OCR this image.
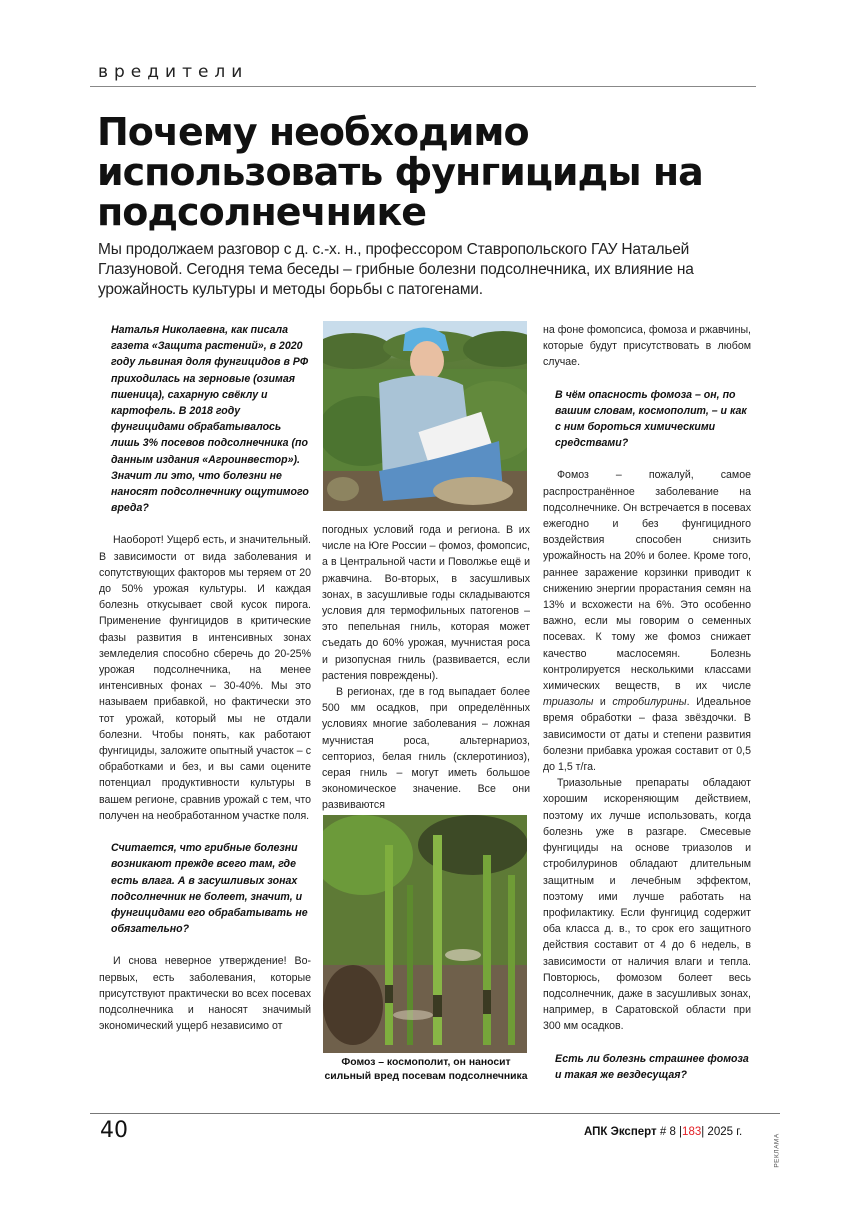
вредители
Почему необходимо использовать фунгициды на подсолнечнике

Мы продолжаем разговор с д. с.-х. н., профессором Ставропольского ГАУ Натальей Глазуновой. Сегодня тема беседы – грибные болезни подсолнечника, их влияние на урожайность культуры и методы борьбы с патогенами.

Наталья Николаевна, как писала газета «Защита растений», в 2020 году львиная доля фунгицидов в РФ приходилась на зерновые (озимая пшеница), сахарную свёклу и картофель. В 2018 году фунгицидами обрабатывалось лишь 3% посевов подсолнечника (по данным издания «Агроинвестор»). Значит ли это, что болезни не наносят подсолнечнику ощутимого вреда?

Наоборот! Ущерб есть, и значительный. В зависимости от вида заболевания и сопутствующих факторов мы теряем от 20 до 50% урожая культуры. И каждая болезнь откусывает свой кусок пирога. Применение фунгицидов в критические фазы развития в интенсивных зонах земледелия способно сберечь до 20-25% урожая подсолнечника, на менее интенсивных фонах – 30-40%. Мы это называем прибавкой, но фактически это тот урожай, который мы не отдали болезни. Чтобы понять, как работают фунгициды, заложите опытный участок – с обработками и без, и вы сами оцените потенциал продуктивности культуры в вашем регионе, сравнив урожай с тем, что получен на необработанном участке поля.

Считается, что грибные болезни возникают прежде всего там, где есть влага. А в засушливых зонах подсолнечник не болеет, значит, и фунгицидами его обрабатывать не обязательно?

И снова неверное утверждение! Во-первых, есть заболевания, которые присутствуют практически во всех посевах подсолнечника и наносят значимый экономический ущерб независимо от

погодных условий года и региона. В их числе на Юге России – фомоз, фомопсис, а в Центральной части и Поволжье ещё и ржавчина. Во-вторых, в засушливых зонах, в засушливые годы складываются условия для термофильных патогенов – это пепельная гниль, которая может съедать до 60% урожая, мучнистая роса и ризопусная гниль (развивается, если растения повреждены).

В регионах, где в год выпадает более 500 мм осадков, при определённых условиях многие заболевания – ложная мучнистая роса, альтернариоз, септориоз, белая гниль (склеротиниоз), серая гниль – могут иметь большое экономическое значение. Все они развиваются

Фомоз – космополит, он наносит сильный вред посевам подсолнечника

на фоне фомопсиса, фомоза и ржавчины, которые будут присутствовать в любом случае.

В чём опасность фомоза – он, по вашим словам, космополит, – и как с ним бороться химическими средствами?

Фомоз – пожалуй, самое распространённое заболевание на подсолнечнике. Он встречается в посевах ежегодно и без фунгицидного воздействия способен снизить урожайность на 20% и более. Кроме того, раннее заражение корзинки приводит к снижению энергии прорастания семян на 13% и всхожести на 6%. Это особенно важно, если мы говорим о семенных посевах. К тому же фомоз снижает качество маслосемян. Болезнь контролируется несколькими классами химических веществ, в их числе триазолы и стробилурины. Идеальное время обработки – фаза звёздочки. В зависимости от даты и степени развития болезни прибавка урожая составит от 0,5 до 1,5 т/га.

Триазольные препараты обладают хорошим искореняющим действием, поэтому их лучше использовать, когда болезнь уже в разгаре. Смесевые фунгициды на основе триазолов и стробилуринов обладают длительным защитным и лечебным эффектом, поэтому ими лучше работать на профилактику. Если фунгицид содержит оба класса д. в., то срок его защитного действия составит от 4 до 6 недель, в зависимости от наличия влаги и тепла. Повторюсь, фомозом болеет весь подсолнечник, даже в засушливых зонах, например, в Саратовской области при 300 мм осадков.

Есть ли болезнь страшнее фомоза и такая же вездесущая?

40	АПК Эксперт # 8 |183| 2025 г.
РЕКЛАМА
